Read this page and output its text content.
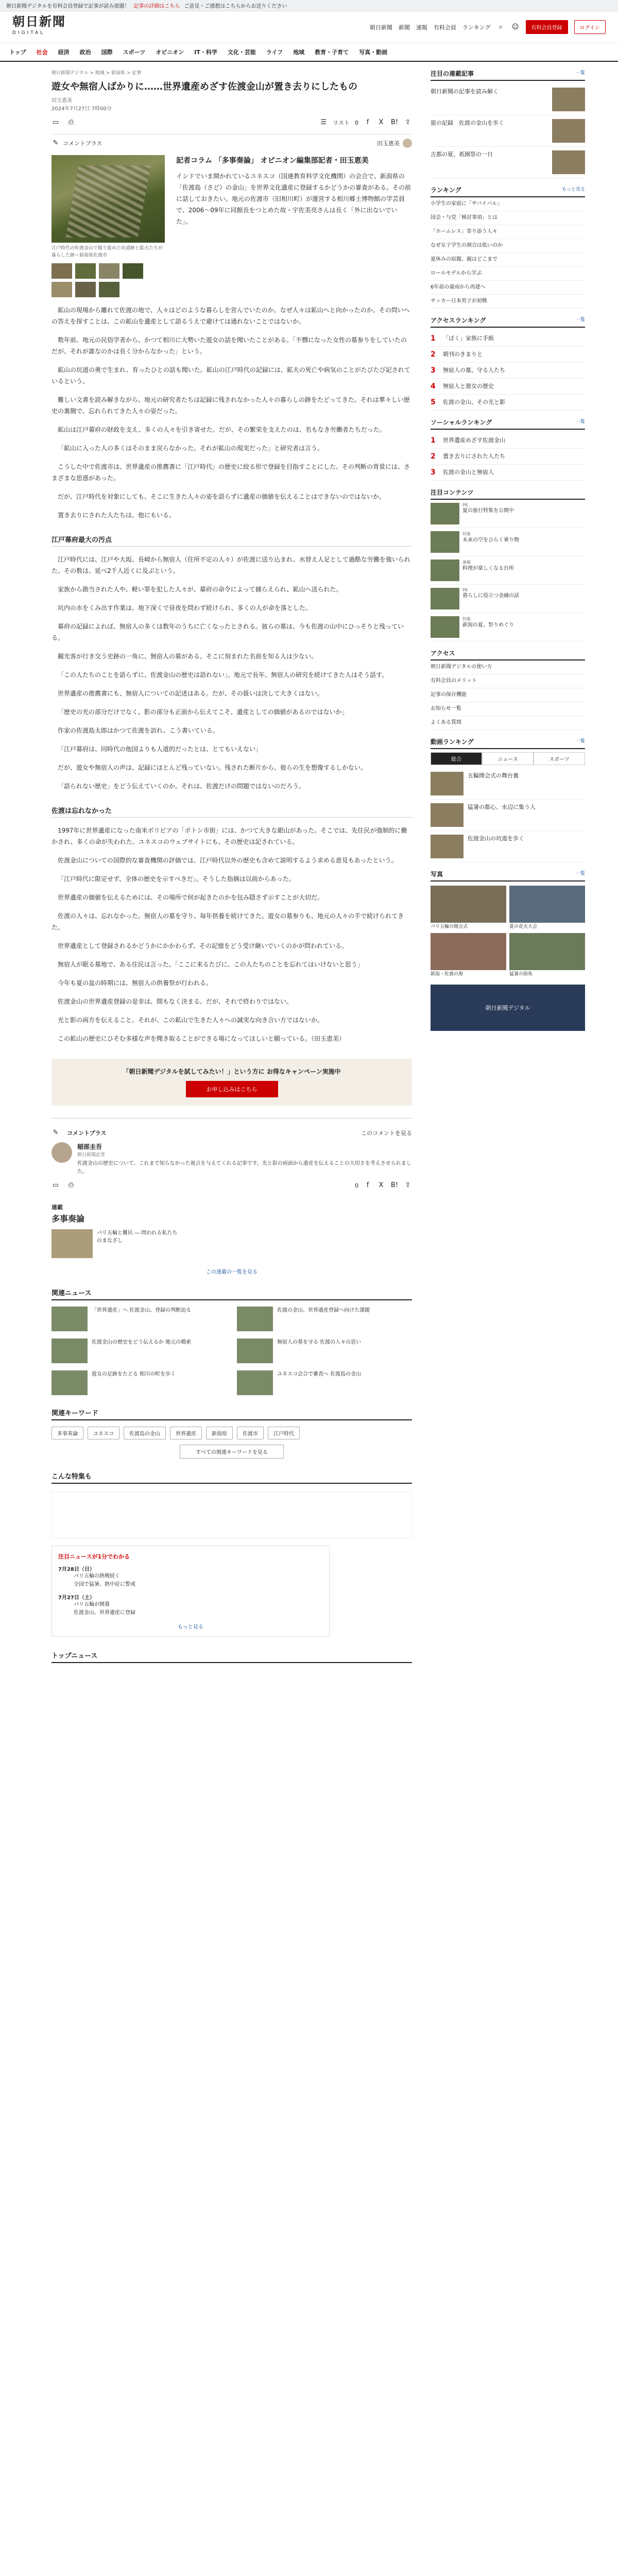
朝日新聞デジタルを有料会員登録で記事が読み放題！ 記事の詳細はこちら ご意見・ご感想はこちらからお送りください
朝日新聞
DIGITAL
朝日新聞 新聞 速報 有料会員 ランキング	⌕	☺	有料会員登録	ログイン
トップ 社会 経済 政治 国際 スポーツ オピニオン IT・科学 文化・芸能 ライフ 地域 教育・子育て 写真・動画
朝日新聞デジタル > 地域 > 新潟県 > 記事
遊女や無宿人ばかりに……世界遺産めざす佐渡金山が置き去りにしたもの
田玉恵美
2024年7月27日 7時00分
▭ ⎙	☰ リスト 0	f	X B! ⇪
✎ コメントプラス	田玉恵美
江戸時代の佐渡金山で掘り進めた坑道跡と鉱夫たちが暮らした跡＝新潟県佐渡市
記者コラム 「多事奏論」 オピニオン編集部記者・田玉恵美

インドでいま開かれているユネスコ（国連教育科学文化機関）の会合で、新潟県の「佐渡島（さど）の金山」を世界文化遺産に登録するかどうかの審査がある。その前に話しておきたい。地元の佐渡市（旧相川町）が運営する相川郷土博物館の学芸員で、2006〜09年に同館長をつとめた故・宇佐美亮さんは長く「外に出ないでいた」。

鉱山の現場から離れて佐渡の地で、人々はどのような暮らしを営んでいたのか。なぜ人々は鉱山へと向かったのか。その問いへの答えを探すことは、この鉱山を遺産として語るうえで避けては通れないことではないか。

数年前、地元の民俗学者から、かつて相川に大勢いた遊女の話を聞いたことがある。「不憫になった女性の墓参りをしていたのだが、それが誰なのかは長く分からなかった」という。

鉱山の坑道の奥で生まれ、育ったひとの話も聞いた。鉱山の江戸時代の記録には、鉱夫の死亡や病気のことがたびたび記されているという。

難しい文書を読み解きながら、地元の研究者たちは記録に残されなかった人々の暮らしの跡をたどってきた。それは華々しい歴史の裏側で、忘れられてきた人々の姿だった。

鉱山は江戸幕府の財政を支え、多くの人々を引き寄せた。だが、その繁栄を支えたのは、名もなき労働者たちだった。

「鉱山に入った人の多くはそのまま戻らなかった。それが鉱山の現実だった」と研究者は言う。

こうした中で佐渡市は、世界遺産の推薦書に「江戸時代」の歴史に絞る形で登録を目指すことにした。その判断の背景には、さまざまな思惑があった。

だが、江戸時代を対象にしても、そこに生きた人々の姿を語らずに遺産の価値を伝えることはできないのではないか。

置き去りにされた人たちは、他にもいる。

江戸幕府最大の汚点

江戸時代には、江戸や大坂、長崎から無宿人（住所不定の人々）が佐渡に送り込まれ、水替え人足として過酷な労働を強いられた。その数は、延べ2千人近くに及ぶという。

家族から勘当された人や、軽い罪を犯した人々が、幕府の命令によって捕らえられ、鉱山へ送られた。

坑内の水をくみ出す作業は、地下深くで昼夜を問わず続けられ、多くの人が命を落とした。

幕府の記録によれば、無宿人の多くは数年のうちに亡くなったとされる。彼らの墓は、今も佐渡の山中にひっそりと残っている。

観光客が行き交う史跡の一角に、無宿人の墓がある。そこに刻まれた名前を知る人は少ない。

「この人たちのことを語らずに、佐渡金山の歴史は語れない」。地元で長年、無宿人の研究を続けてきた人はそう話す。

世界遺産の推薦書にも、無宿人についての記述はある。だが、その扱いは決して大きくはない。

「歴史の光の部分だけでなく、影の部分も正面から伝えてこそ、遺産としての価値があるのではないか」

作家の佐渡島太郎はかつて佐渡を訪れ、こう書いている。

「江戸幕府は、同時代の他国よりも人道的だったとは、とてもいえない」

だが、遊女や無宿人の声は、記録にほとんど残っていない。残された断片から、彼らの生を想像するしかない。

「語られない歴史」をどう伝えていくのか。それは、佐渡だけの問題ではないのだろう。

佐渡は忘れなかった

1997年に世界遺産になった南米ボリビアの「ポトシ市街」には、かつて大きな銀山があった。そこでは、先住民が強制的に働かされ、多くの命が失われた。ユネスコのウェブサイトにも、その歴史は記されている。

佐渡金山についての国際的な審査機関の評価では、江戸時代以外の歴史も含めて説明するよう求める意見もあったという。

「江戸時代に限定せず、全体の歴史を示すべきだ」。そうした指摘は以前からあった。

世界遺産の価値を伝えるためには、その場所で何が起きたのかを包み隠さず示すことが大切だ。

佐渡の人々は、忘れなかった。無宿人の墓を守り、毎年供養を続けてきた。遊女の墓参りも、地元の人々の手で続けられてきた。

世界遺産として登録されるかどうかにかかわらず、その記憶をどう受け継いでいくのかが問われている。

無宿人が眠る墓地で、ある住民は言った。「ここに来るたびに、この人たちのことを忘れてはいけないと思う」

今年も夏の盆の時期には、無宿人の供養祭が行われる。

佐渡金山の世界遺産登録の是非は、間もなく決まる。だが、それで終わりではない。

光と影の両方を伝えること。それが、この鉱山で生きた人々への誠実な向き合い方ではないか。

この鉱山の歴史にひそむ多様な声を聞き取ることができる場になってほしいと願っている。（田玉恵美）

「朝日新聞デジタルを試してみたい！」という方に お得なキャンペーン実施中

お申し込みはこちら
✎ コメントプラス	このコメントを見る
稲部圭吾
朝日新聞記者
佐渡金山の歴史について、これまで知らなかった視点を与えてくれる記事です。光と影の両面から遺産を伝えることの大切さを考えさせられました。
▭ ⎙	0	f	X B! ⇪
連載
多事奏論
パリ五輪と難民 ― 問われる私たちのまなざし
この連載の一覧を見る
関連ニュース
「世界遺産」へ 佐渡金山、登録の判断迫る	佐渡の金山、世界遺産登録へ向けた課題
佐渡金山の歴史をどう伝えるか 地元の模索	無宿人の墓を守る 佐渡の人々の思い
遊女の足跡をたどる 相川の町を歩く	ユネスコ会合で審査へ 佐渡島の金山
関連キーワード
多事奏論	ユネスコ	佐渡島の金山	世界遺産	新潟県	佐渡市	江戸時代
すべての関連キーワードを見る
こんな特集も
注目ニュースが1分でわかる
7月28日（日）
パリ五輪の熱戦続く
全国で猛暑、熱中症に警戒
7月27日（土）
パリ五輪が開幕
佐渡金山、世界遺産に登録
もっと見る
トップニュース
注目の連載記事	一覧
朝日新聞の記事を読み解く
旅の記録　佐渡の金山を歩く
古都の夏、祇園祭の一日
ランキング	もっと見る
小学生の家庭に「サバイバル」
国会・与党「検討事項」とは
「ホームレス」寄り添う人々
なぜ女子学生の割合は低いのか
夏休みの宿題、親はどこまで
ロールモデルから学ぶ
6年前の豪雨から再建へ
サッカー日本男子が初戦
アクセスランキング	一覧
1	「ぼく」家族に手紙
2	朝刊のきまりと
3	無宿人の墓、守る人たち
4	無宿人と遊女の歴史
5	佐渡の金山、その光と影
ソーシャルランキング	一覧
1	世界遺産めざす佐渡金山
2	置き去りにされた人たち
3	佐渡の金山と無宿人
注目コンテンツ
PR
夏の旅行特集を公開中
特集
未来の空をひらく乗り物
連載
料理が楽しくなる台所
PR
暮らしに役立つ金融の話
特集
新潟の夏、祭りめぐり
アクセス
朝日新聞デジタルの使い方
有料会員のメリット
記事の保存機能
お知らせ一覧
よくある質問
動画ランキング	一覧
総合	ニュース	スポーツ
五輪開会式の舞台裏
猛暑の都心、水辺に集う人
佐渡金山の坑道を歩く
写真	一覧
パリ五輪の開会式	夏の花火大会
新潟・佐渡の海	猛暑の街角
朝日新聞デジタル
